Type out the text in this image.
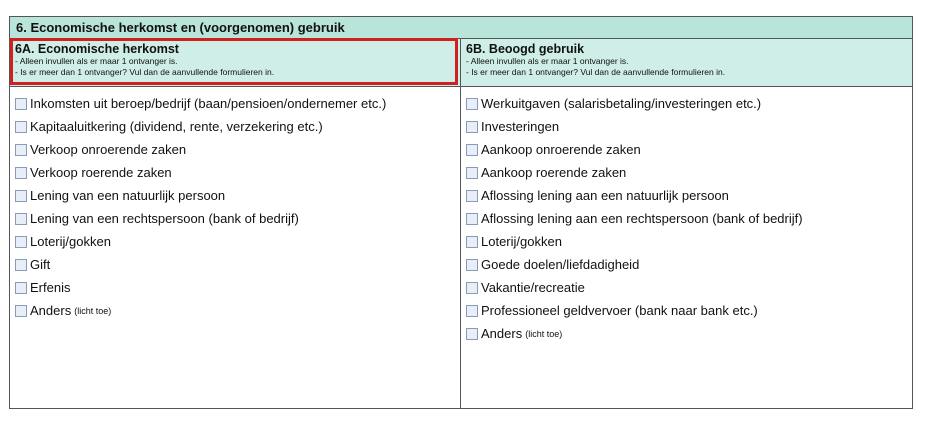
6. Economische herkomst en (voorgenomen) gebruik
6A. Economische herkomst
- Alleen invullen als er maar 1 ontvanger is.
- Is er meer dan 1 ontvanger? Vul dan de aanvullende formulieren in.
Inkomsten uit beroep/bedrijf (baan/pensioen/ondernemer etc.)
Kapitaaluitkering (dividend, rente, verzekering etc.)
Verkoop onroerende zaken
Verkoop roerende zaken
Lening van een natuurlijk persoon
Lening van een rechtspersoon (bank of bedrijf)
Loterij/gokken
Gift
Erfenis
Anders (licht toe)
6B. Beoogd gebruik
- Alleen invullen als er maar 1 ontvanger is.
- Is er meer dan 1 ontvanger? Vul dan de aanvullende formulieren in.
Werkuitgaven (salarisbetaling/investeringen etc.)
Investeringen
Aankoop onroerende zaken
Aankoop roerende zaken
Aflossing lening aan een natuurlijk persoon
Aflossing lening aan een rechtspersoon (bank of bedrijf)
Loterij/gokken
Goede doelen/liefdadigheid
Vakantie/recreatie
Professioneel geldvervoer (bank naar bank etc.)
Anders (licht toe)
